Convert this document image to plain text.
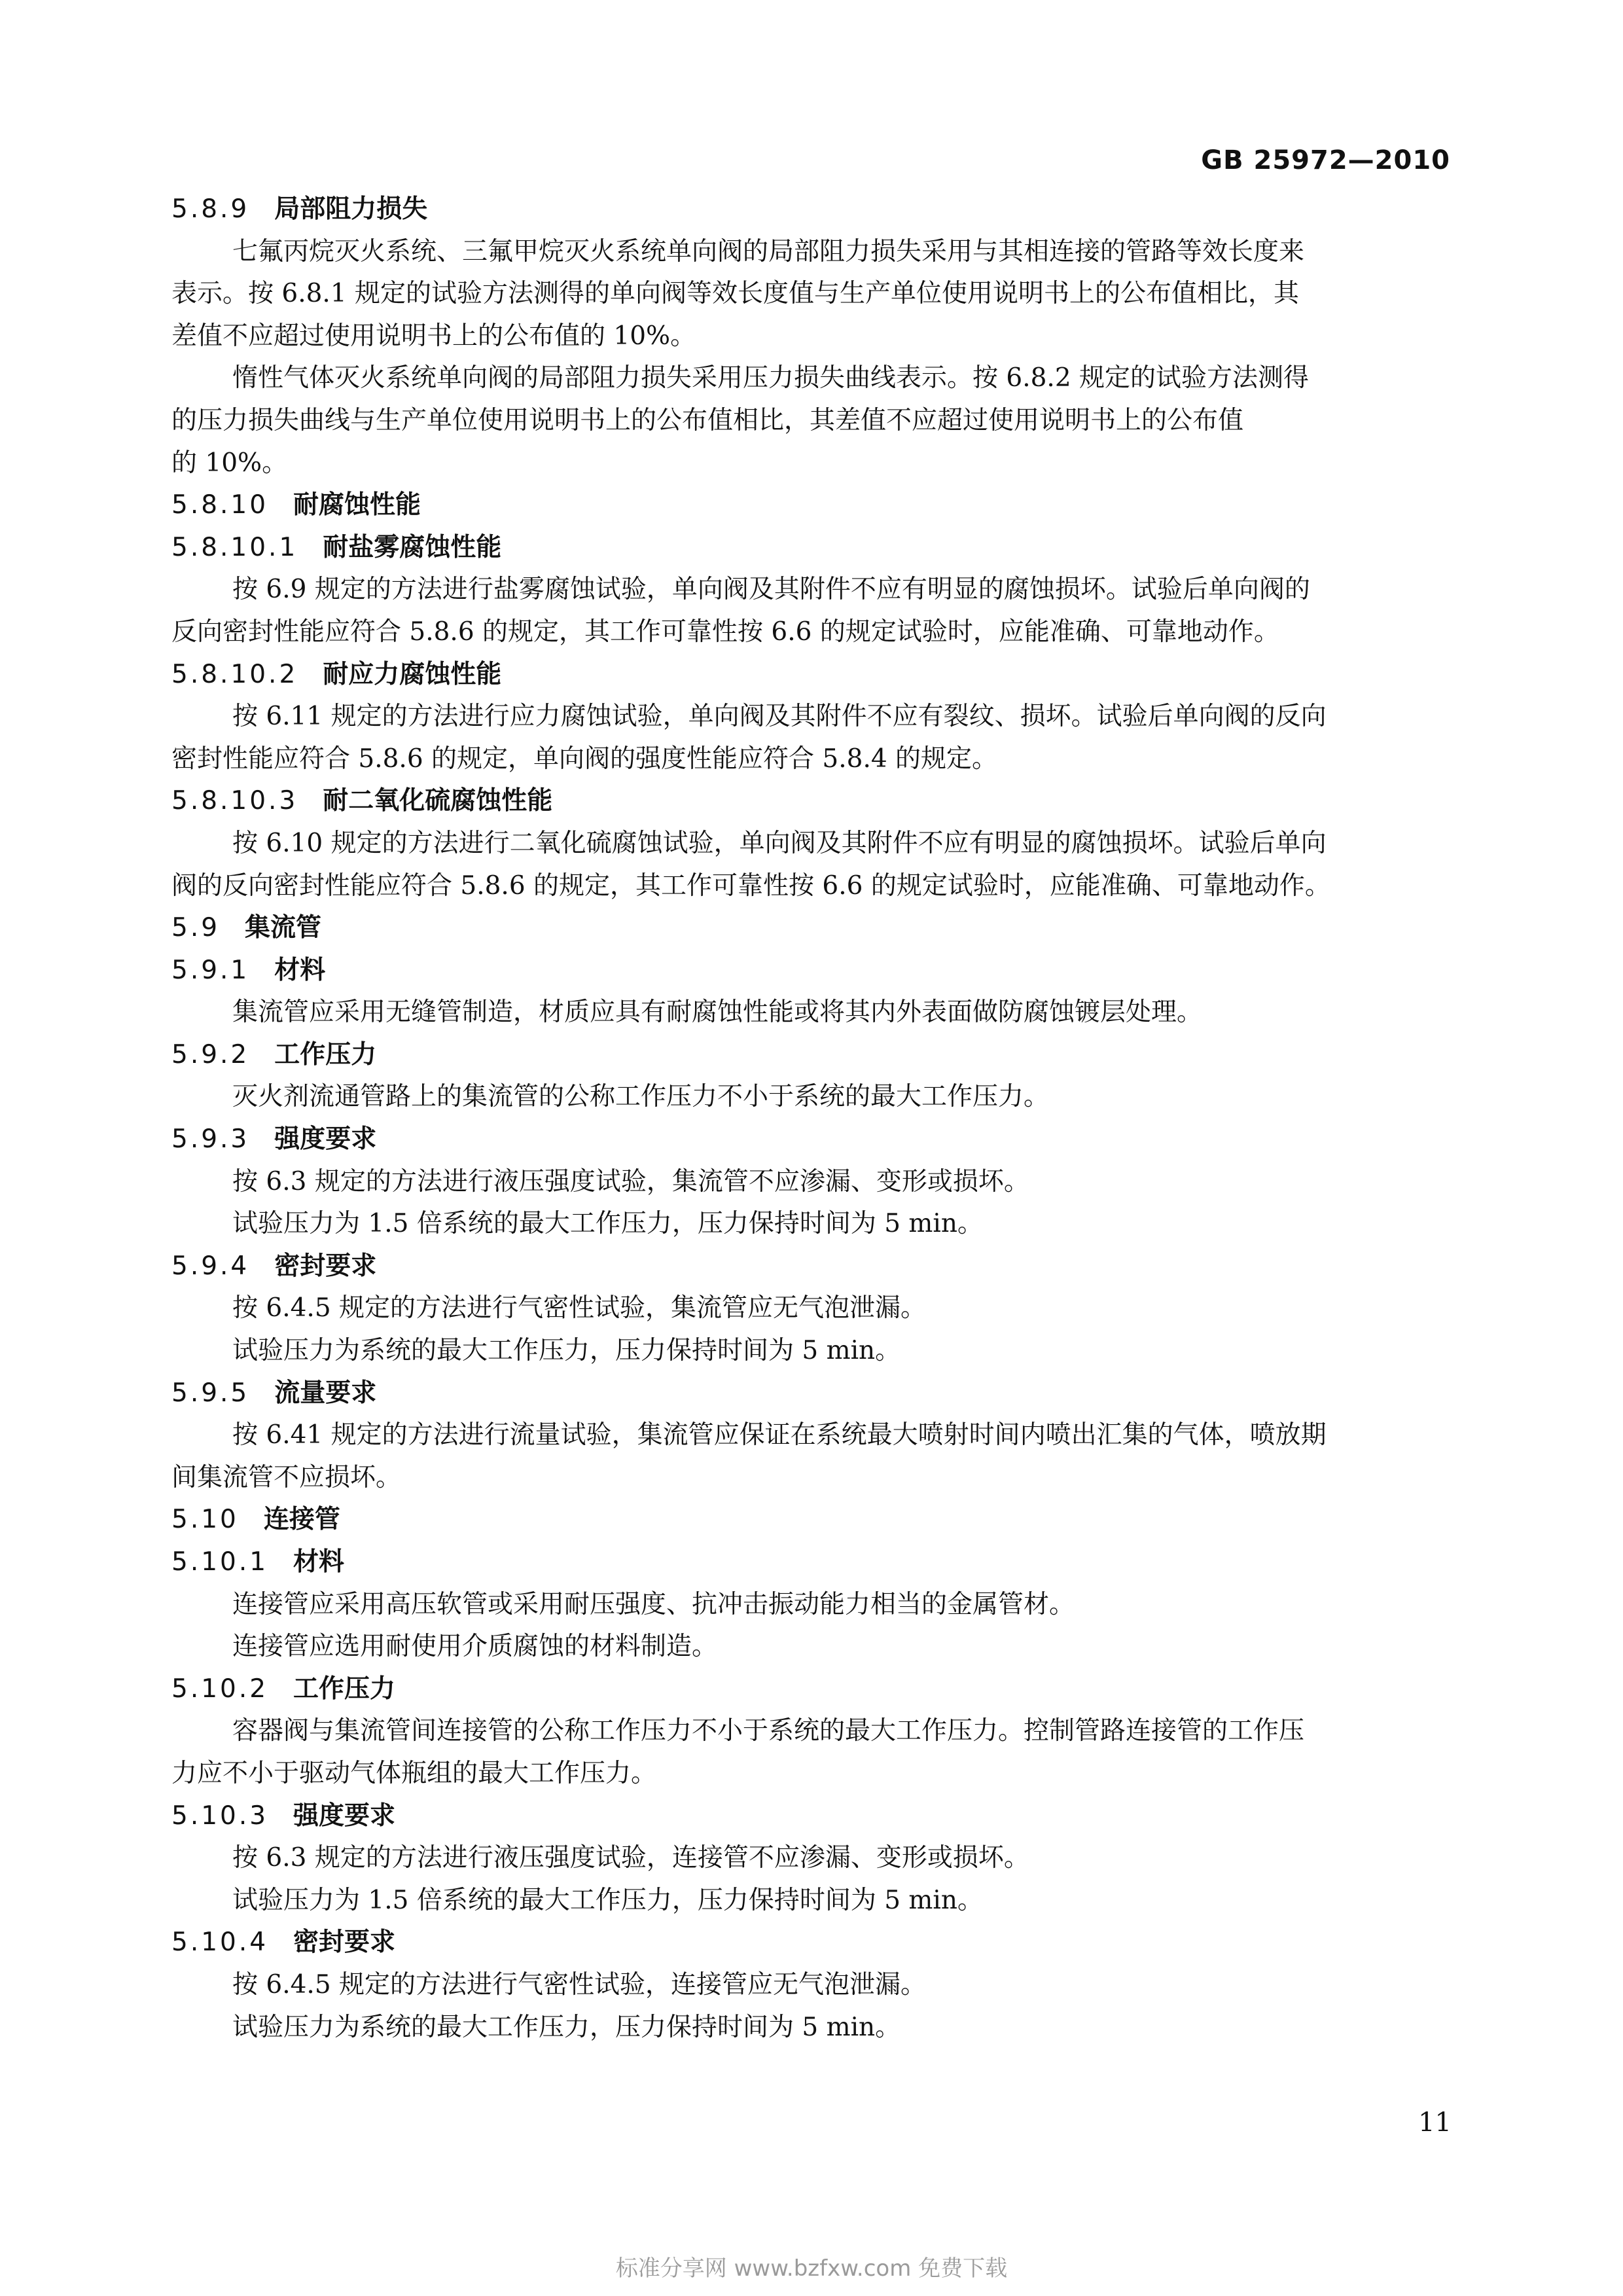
GB 25972—2010
5.8.9 局部阻力损失
七氟丙烷灭火系统、三氟甲烷灭火系统单向阀的局部阻力损失采用与其相连接的管路等效长度来
表示。按 6.8.1 规定的试验方法测得的单向阀等效长度值与生产单位使用说明书上的公布值相比，其
差值不应超过使用说明书上的公布值的 10%。
惰性气体灭火系统单向阀的局部阻力损失采用压力损失曲线表示。按 6.8.2 规定的试验方法测得
的压力损失曲线与生产单位使用说明书上的公布值相比，其差值不应超过使用说明书上的公布值
的 10%。
5.8.10 耐腐蚀性能
5.8.10.1 耐盐雾腐蚀性能
按 6.9 规定的方法进行盐雾腐蚀试验，单向阀及其附件不应有明显的腐蚀损坏。试验后单向阀的
反向密封性能应符合 5.8.6 的规定，其工作可靠性按 6.6 的规定试验时，应能准确、可靠地动作。
5.8.10.2 耐应力腐蚀性能
按 6.11 规定的方法进行应力腐蚀试验，单向阀及其附件不应有裂纹、损坏。试验后单向阀的反向
密封性能应符合 5.8.6 的规定，单向阀的强度性能应符合 5.8.4 的规定。
5.8.10.3 耐二氧化硫腐蚀性能
按 6.10 规定的方法进行二氧化硫腐蚀试验，单向阀及其附件不应有明显的腐蚀损坏。试验后单向
阀的反向密封性能应符合 5.8.6 的规定，其工作可靠性按 6.6 的规定试验时，应能准确、可靠地动作。
5.9 集流管
5.9.1 材料
集流管应采用无缝管制造，材质应具有耐腐蚀性能或将其内外表面做防腐蚀镀层处理。
5.9.2 工作压力
灭火剂流通管路上的集流管的公称工作压力不小于系统的最大工作压力。
5.9.3 强度要求
按 6.3 规定的方法进行液压强度试验，集流管不应渗漏、变形或损坏。
试验压力为 1.5 倍系统的最大工作压力，压力保持时间为 5 min。
5.9.4 密封要求
按 6.4.5 规定的方法进行气密性试验，集流管应无气泡泄漏。
试验压力为系统的最大工作压力，压力保持时间为 5 min。
5.9.5 流量要求
按 6.41 规定的方法进行流量试验，集流管应保证在系统最大喷射时间内喷出汇集的气体，喷放期
间集流管不应损坏。
5.10 连接管
5.10.1 材料
连接管应采用高压软管或采用耐压强度、抗冲击振动能力相当的金属管材。
连接管应选用耐使用介质腐蚀的材料制造。
5.10.2 工作压力
容器阀与集流管间连接管的公称工作压力不小于系统的最大工作压力。控制管路连接管的工作压
力应不小于驱动气体瓶组的最大工作压力。
5.10.3 强度要求
按 6.3 规定的方法进行液压强度试验，连接管不应渗漏、变形或损坏。
试验压力为 1.5 倍系统的最大工作压力，压力保持时间为 5 min。
5.10.4 密封要求
按 6.4.5 规定的方法进行气密性试验，连接管应无气泡泄漏。
试验压力为系统的最大工作压力，压力保持时间为 5 min。
11
标准分享网 www.bzfxw.com 免费下载
